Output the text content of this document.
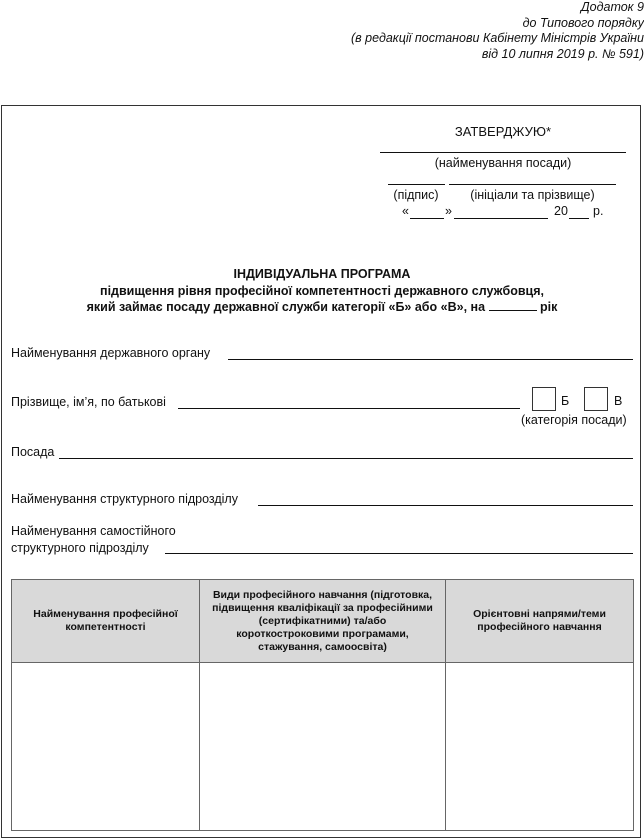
Додаток 9
до Типового порядку
(в редакції постанови Кабінету Міністрів України
від 10 липня 2019 р. № 591)
ЗАТВЕРДЖУЮ*
(найменування посади)
(підпис)	(ініціали та прізвище)
«	»	20 р.
ІНДИВІДУАЛЬНА ПРОГРАМА
підвищення рівня професійної компетентності державного службовця,
який займає посаду державної служби категорії «Б» або «В», на	рік
Найменування державного органу
Прізвище, ім’я, по батькові	Б	В
(категорія посади)
Посада
Найменування структурного підрозділу
Найменування самостійного
структурного підрозділу
Найменування професійної компетентності	Види професійного навчання (підготовка, підвищення кваліфікації за професійними (сертифікатними) та/або короткостроковими програмами, стажування, самоосвіта)	Орієнтовні напрями/теми професійного навчання
